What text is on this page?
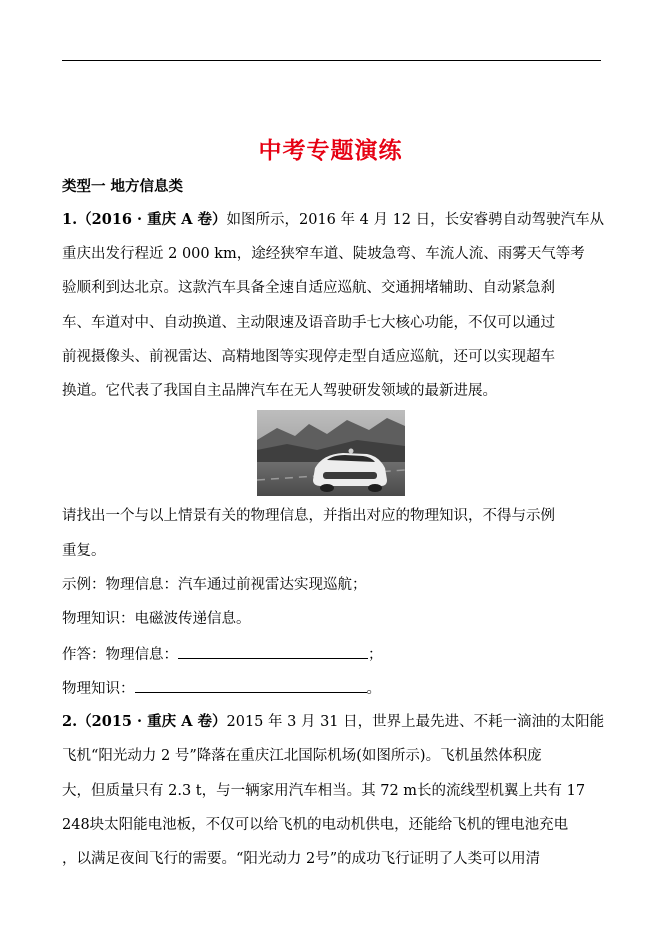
中考专题演练
类型一 地方信息类
1.（2016 · 重庆 A 卷）如图所示，2016 年 4 月 12 日，长安睿骋自动驾驶汽车从
重庆出发行程近 2 000 km，途经狭窄车道、陡坡急弯、车流人流、雨雾天气等考
验顺利到达北京。这款汽车具备全速自适应巡航、交通拥堵辅助、自动紧急刹
车、车道对中、自动换道、主动限速及语音助手七大核心功能，不仅可以通过
前视摄像头、前视雷达、高精地图等实现停走型自适应巡航，还可以实现超车
换道。它代表了我国自主品牌汽车在无人驾驶研发领域的最新进展。
请找出一个与以上情景有关的物理信息，并指出对应的物理知识，不得与示例
重复。
示例：物理信息：汽车通过前视雷达实现巡航；
物理知识：电磁波传递信息。
作答：物理信息：	；
物理知识：	。
2.（2015 · 重庆 A 卷）2015 年 3 月 31 日，世界上最先进、不耗一滴油的太阳能
飞机“阳光动力 2 号”降落在重庆江北国际机场(如图所示)。飞机虽然体积庞
大，但质量只有 2.3 t，与一辆家用汽车相当。其 72 m长的流线型机翼上共有 17
248块太阳能电池板，不仅可以给飞机的电动机供电，还能给飞机的锂电池充电
，以满足夜间飞行的需要。“阳光动力 2号”的成功飞行证明了人类可以用清
